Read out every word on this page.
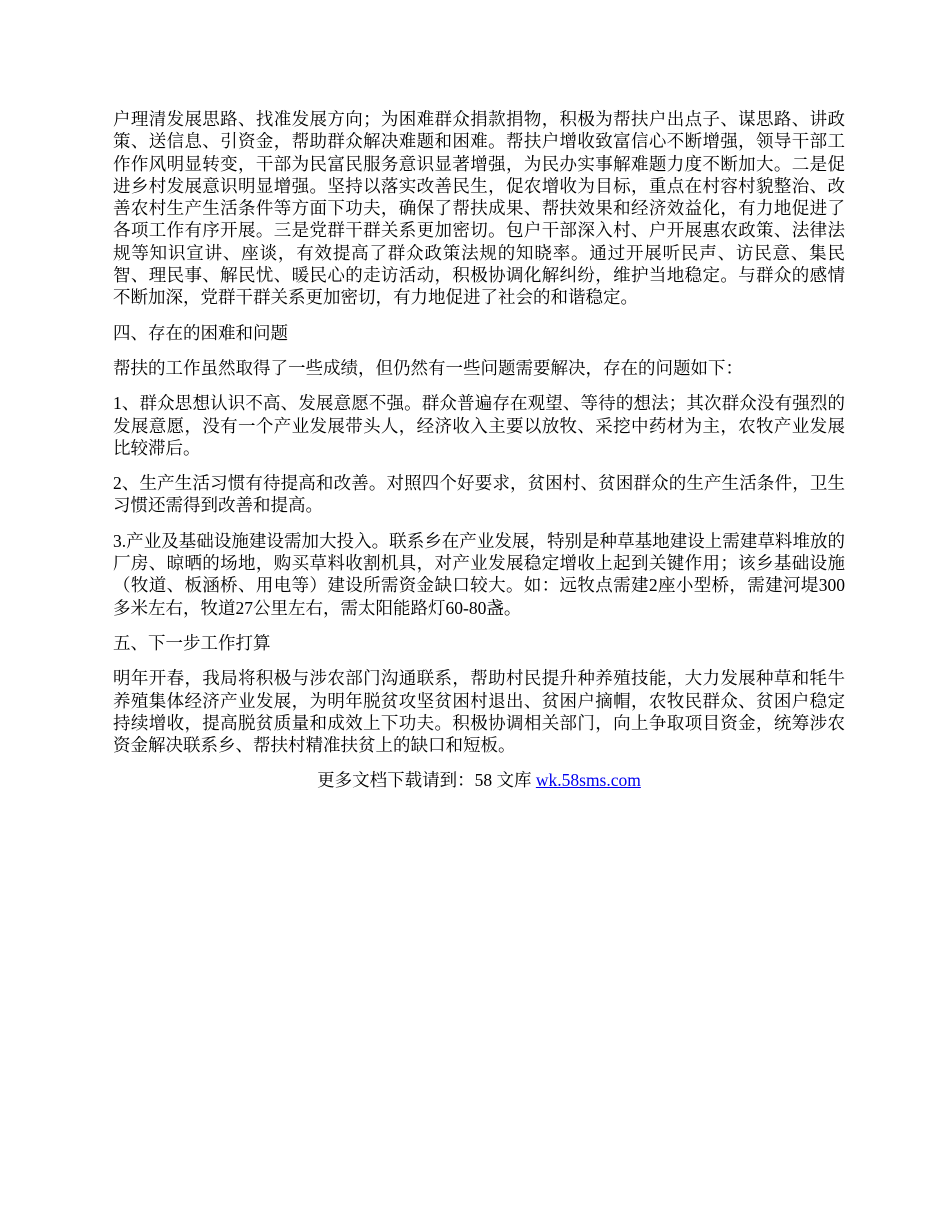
户理清发展思路、找准发展方向；为困难群众捐款捐物，积极为帮扶户出点子、谋思路、讲政策、送信息、引资金，帮助群众解决难题和困难。帮扶户增收致富信心不断增强，领导干部工作作风明显转变，干部为民富民服务意识显著增强，为民办实事解难题力度不断加大。二是促进乡村发展意识明显增强。坚持以落实改善民生，促农增收为目标，重点在村容村貌整治、改善农村生产生活条件等方面下功夫，确保了帮扶成果、帮扶效果和经济效益化，有力地促进了各项工作有序开展。三是党群干群关系更加密切。包户干部深入村、户开展惠农政策、法律法规等知识宣讲、座谈，有效提高了群众政策法规的知晓率。通过开展听民声、访民意、集民智、理民事、解民忧、暖民心的走访活动，积极协调化解纠纷，维护当地稳定。与群众的感情不断加深，党群干群关系更加密切，有力地促进了社会的和谐稳定。

四、存在的困难和问题

帮扶的工作虽然取得了一些成绩，但仍然有一些问题需要解决，存在的问题如下：

1、群众思想认识不高、发展意愿不强。群众普遍存在观望、等待的想法；其次群众没有强烈的发展意愿，没有一个产业发展带头人，经济收入主要以放牧、采挖中药材为主，农牧产业发展比较滞后。

2、生产生活习惯有待提高和改善。对照四个好要求，贫困村、贫困群众的生产生活条件，卫生习惯还需得到改善和提高。

3.产业及基础设施建设需加大投入。联系乡在产业发展，特别是种草基地建设上需建草料堆放的厂房、晾晒的场地，购买草料收割机具，对产业发展稳定增收上起到关键作用；该乡基础设施（牧道、板涵桥、用电等）建设所需资金缺口较大。如：远牧点需建2座小型桥，需建河堤300多米左右，牧道27公里左右，需太阳能路灯60-80盏。

五、下一步工作打算

明年开春，我局将积极与涉农部门沟通联系，帮助村民提升种养殖技能，大力发展种草和牦牛养殖集体经济产业发展，为明年脱贫攻坚贫困村退出、贫困户摘帽，农牧民群众、贫困户稳定持续增收，提高脱贫质量和成效上下功夫。积极协调相关部门，向上争取项目资金，统筹涉农资金解决联系乡、帮扶村精准扶贫上的缺口和短板。

更多文档下载请到：58 文库 wk.58sms.com
